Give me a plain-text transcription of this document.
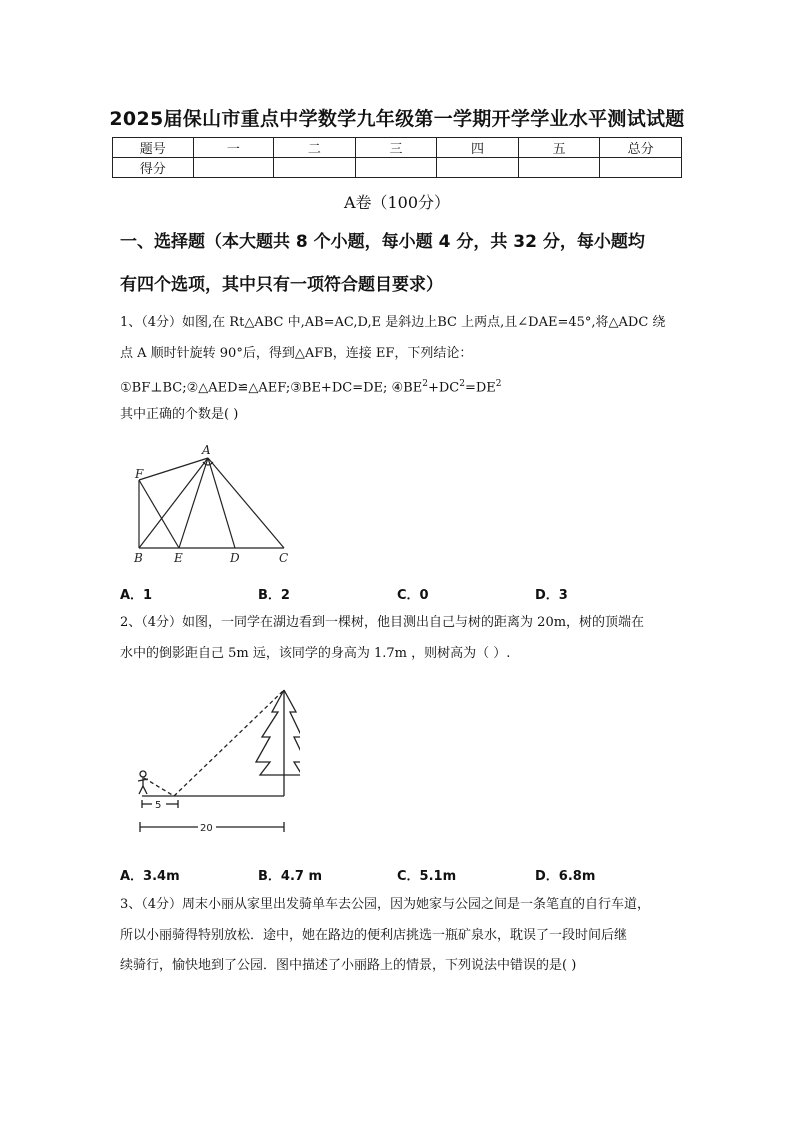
2025届保山市重点中学数学九年级第一学期开学学业水平测试试题
题号	一	二	三	四	五	总分
得分						
A卷（100分）
一、选择题（本大题共 8 个小题，每小题 4 分，共 32 分，每小题均
有四个选项，其中只有一项符合题目要求）
1、（4分）如图,在 Rt△ABC 中,AB=AC,D,E 是斜边上BC 上两点,且∠DAE=45°,将△ADC 绕
点 A 顺时针旋转 90°后，得到△AFB，连接 EF，下列结论：
①BF⊥BC;②△AED≌△AEF;③BE+DC=DE; $④BE^2+DC^2=DE^2$
其中正确的个数是( )
A
F
B	E	D	C
A．1	B．2	C．0	D．3
2、（4分）如图，一同学在湖边看到一棵树，他目测出自己与树的距离为 20m，树的顶端在
水中的倒影距自己 5m 远，该同学的身高为 1.7m ，则树高为（ ）.
5
20
A．3.4m	B．4.7 m	C．5.1m	D．6.8m
3、（4分）周末小丽从家里出发骑单车去公园，因为她家与公园之间是一条笔直的自行车道，
所以小丽骑得特别放松．途中，她在路边的便利店挑选一瓶矿泉水，耽误了一段时间后继
续骑行，愉快地到了公园．图中描述了小丽路上的情景，下列说法中错误的是( )
